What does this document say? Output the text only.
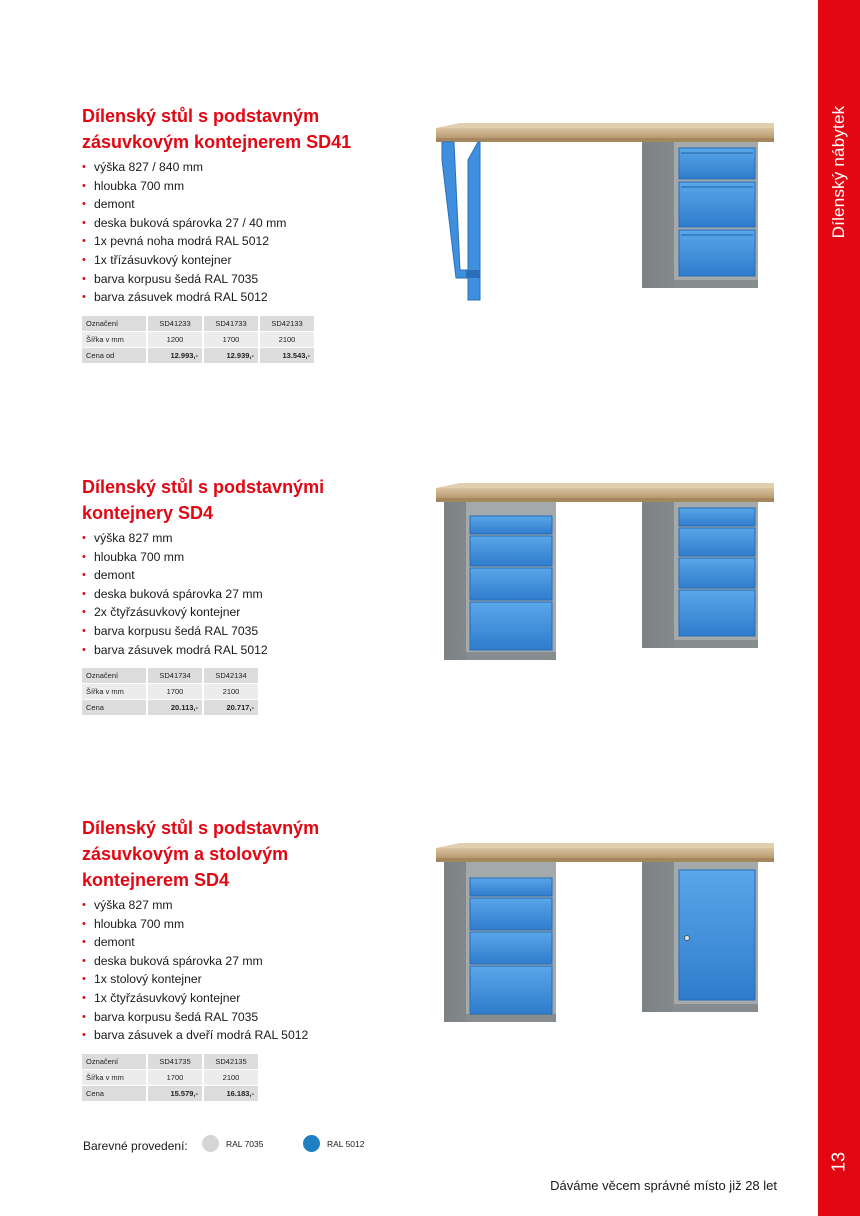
Dílenský nábytek
13
Dílenský stůl s podstavným
zásuvkovým kontejnerem SD41
• výška 827 / 840 mm
• hloubka 700 mm
• demont
• deska buková spárovka 27 / 40 mm
• 1x pevná noha modrá RAL 5012
• 1x třízásuvkový kontejner
• barva korpusu šedá RAL 7035
• barva zásuvek modrá RAL 5012
Označení	SD41233	SD41733	SD42133
Šířka v mm	1200	1700	2100
Cena od	12.993,-	12.939,-	13.543,-
Dílenský stůl s podstavnými
kontejnery SD4
• výška 827 mm
• hloubka 700 mm
• demont
• deska buková spárovka 27 mm
• 2x čtyřzásuvkový kontejner
• barva korpusu šedá RAL 7035
• barva zásuvek modrá RAL 5012
Označení	SD41734	SD42134
Šířka v mm	1700	2100
Cena	20.113,-	20.717,-
Dílenský stůl s podstavným
zásuvkovým a stolovým
kontejnerem SD4
• výška 827 mm
• hloubka 700 mm
• demont
• deska buková spárovka 27 mm
• 1x stolový kontejner
• 1x čtyřzásuvkový kontejner
• barva korpusu šedá RAL 7035
• barva zásuvek a dveří modrá RAL 5012
Označení	SD41735	SD42135
Šířka v mm	1700	2100
Cena	15.579,-	16.183,-
Barevné provedení:	RAL 7035	RAL 5012
Dáváme věcem správné místo již 28 let
